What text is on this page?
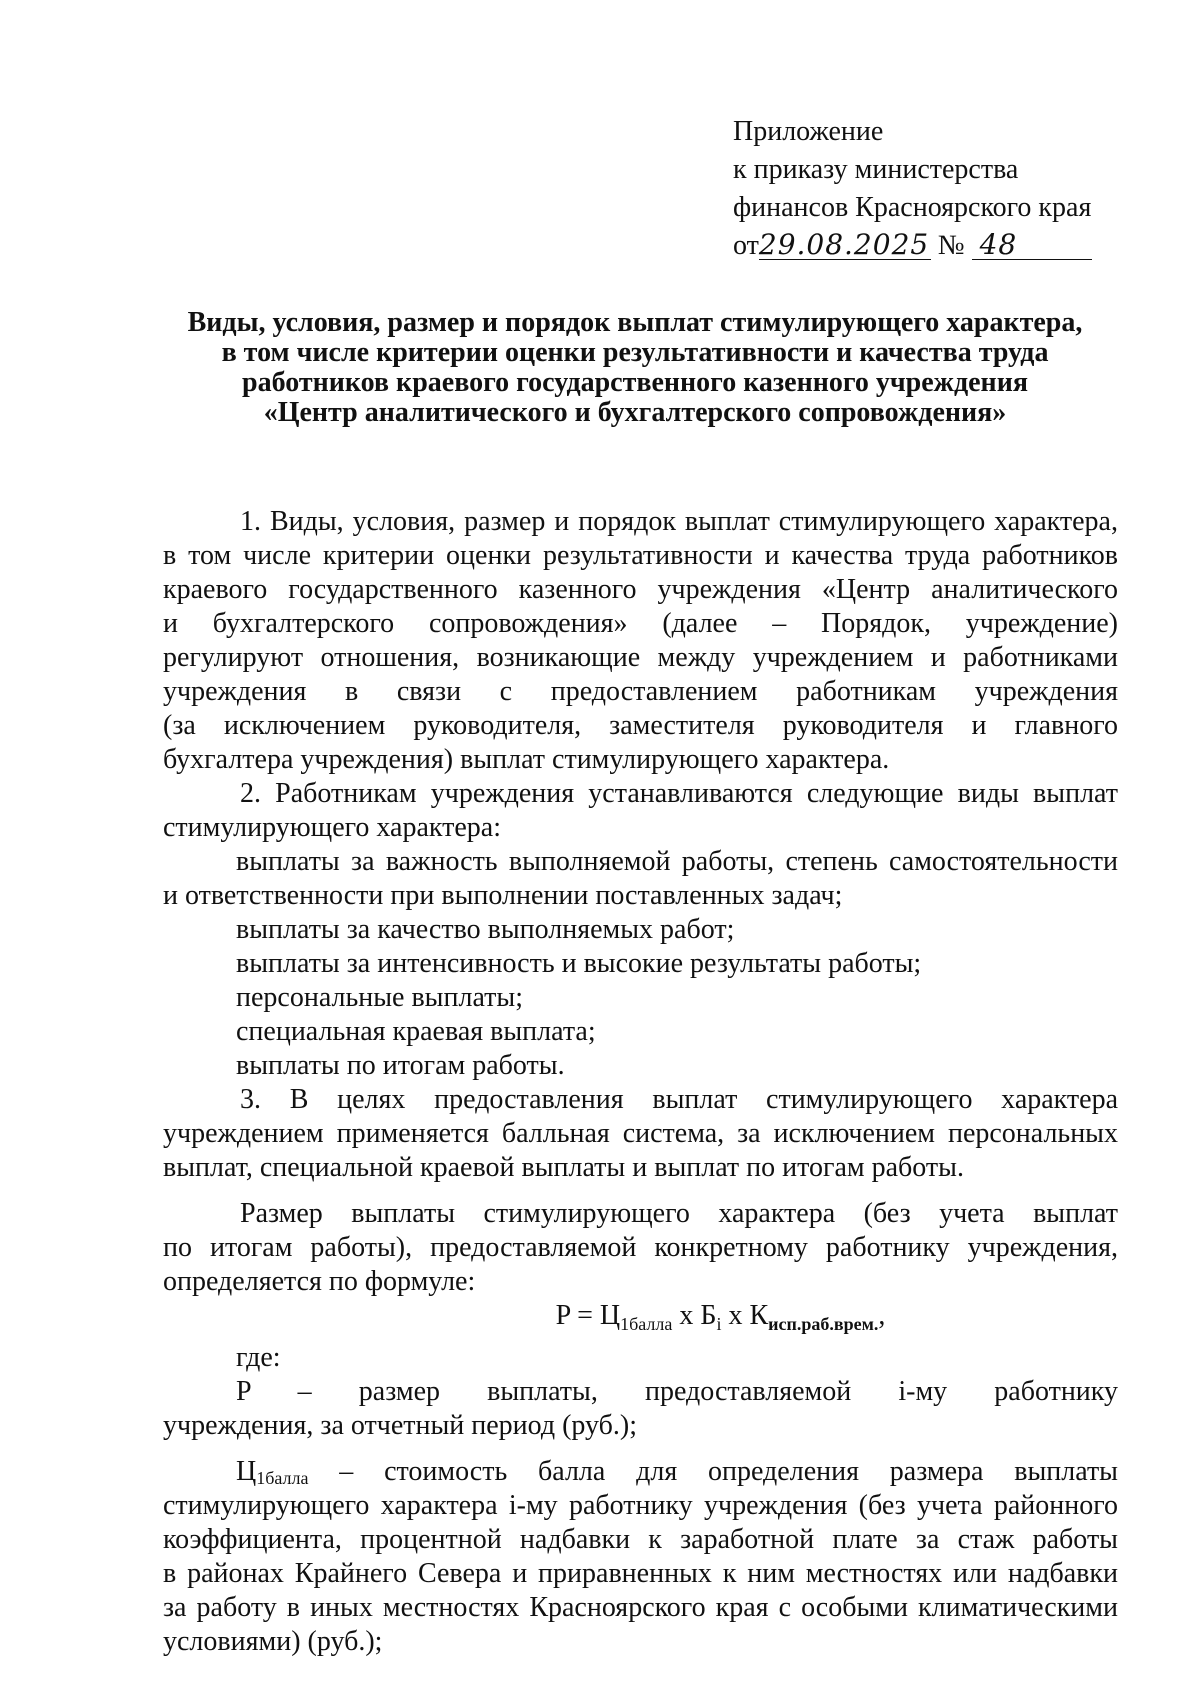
Приложение
к приказу министерства
финансов Красноярского края
от29.08.2025 № 48
Виды, условия, размер и порядок выплат стимулирующего характера,
в том числе критерии оценки результативности и качества труда
работников краевого государственного казенного учреждения
«Центр аналитического и бухгалтерского сопровождения»
1. Виды, условия, размер и порядок выплат стимулирующего характера,
в том числе критерии оценки результативности и качества труда работников
краевого государственного казенного учреждения «Центр аналитического
и бухгалтерского сопровождения» (далее – Порядок, учреждение)
регулируют отношения, возникающие между учреждением и работниками
учреждения в связи с предоставлением работникам учреждения
(за исключением руководителя, заместителя руководителя и главного
бухгалтера учреждения) выплат стимулирующего характера.
2. Работникам учреждения устанавливаются следующие виды выплат
стимулирующего характера:
выплаты за важность выполняемой работы, степень самостоятельности
и ответственности при выполнении поставленных задач;
выплаты за качество выполняемых работ;
выплаты за интенсивность и высокие результаты работы;
персональные выплаты;
специальная краевая выплата;
выплаты по итогам работы.
3. В целях предоставления выплат стимулирующего характера
учреждением применяется балльная система, за исключением персональных
выплат, специальной краевой выплаты и выплат по итогам работы.
Размер выплаты стимулирующего характера (без учета выплат
по итогам работы), предоставляемой конкретному работнику учреждения,
определяется по формуле:
$P = Ц_{1балла}$ x $Б_i$ x $К_{исп.раб.врем.}$,
где:
P – размер выплаты, предоставляемой i-му работнику
учреждения, за отчетный период (руб.);
Ц1балла – стоимость балла для определения размера выплаты
стимулирующего характера i-му работнику учреждения (без учета районного
коэффициента, процентной надбавки к заработной плате за стаж работы
в районах Крайнего Севера и приравненных к ним местностях или надбавки
за работу в иных местностях Красноярского края с особыми климатическими
условиями) (руб.);
